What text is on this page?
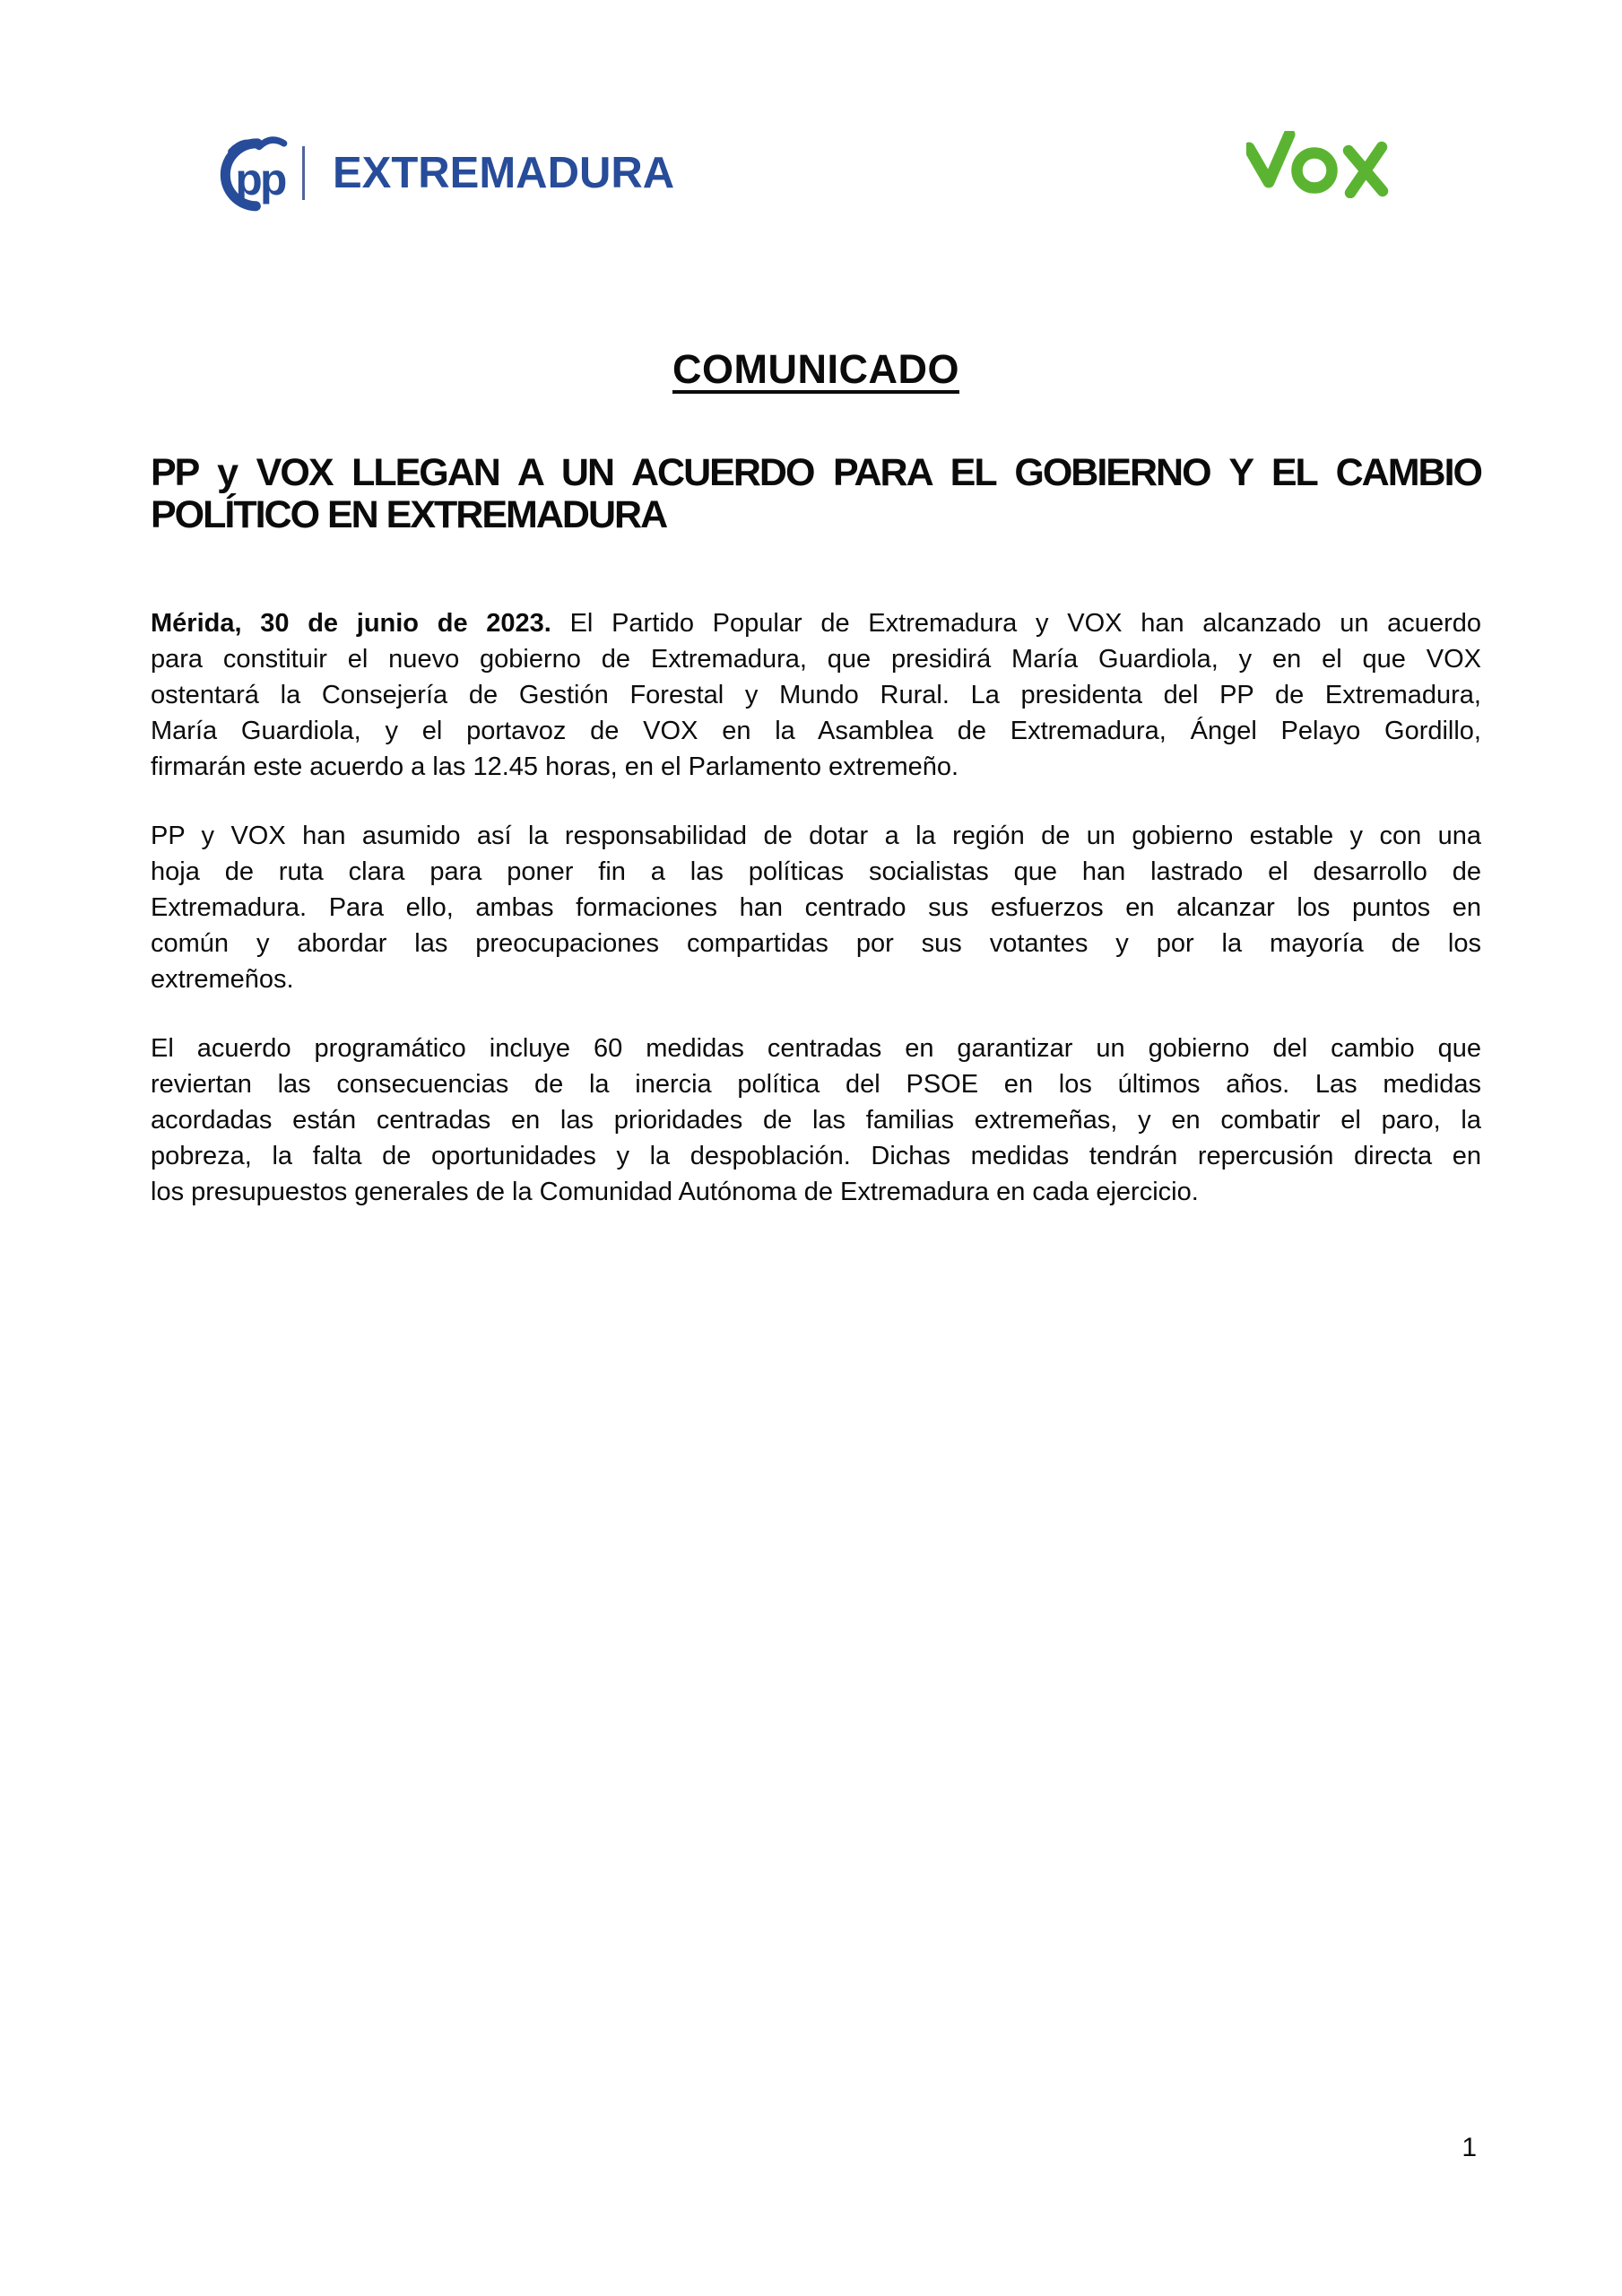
pp EXTREMADURA
COMUNICADO
PP y VOX LLEGAN A UN ACUERDO PARA EL GOBIERNO Y EL CAMBIO
POLÍTICO EN EXTREMADURA
Mérida, 30 de junio de 2023. El Partido Popular de Extremadura y VOX han alcanzado un acuerdo
para constituir el nuevo gobierno de Extremadura, que presidirá María Guardiola, y en el que VOX
ostentará la Consejería de Gestión Forestal y Mundo Rural. La presidenta del PP de Extremadura,
María Guardiola, y el portavoz de VOX en la Asamblea de Extremadura, Ángel Pelayo Gordillo,
firmarán este acuerdo a las 12.45 horas, en el Parlamento extremeño.
PP y VOX han asumido así la responsabilidad de dotar a la región de un gobierno estable y con una
hoja de ruta clara para poner fin a las políticas socialistas que han lastrado el desarrollo de
Extremadura. Para ello, ambas formaciones han centrado sus esfuerzos en alcanzar los puntos en
común y abordar las preocupaciones compartidas por sus votantes y por la mayoría de los
extremeños.
El acuerdo programático incluye 60 medidas centradas en garantizar un gobierno del cambio que
reviertan las consecuencias de la inercia política del PSOE en los últimos años. Las medidas
acordadas están centradas en las prioridades de las familias extremeñas, y en combatir el paro, la
pobreza, la falta de oportunidades y la despoblación. Dichas medidas tendrán repercusión directa en
los presupuestos generales de la Comunidad Autónoma de Extremadura en cada ejercicio.
1
